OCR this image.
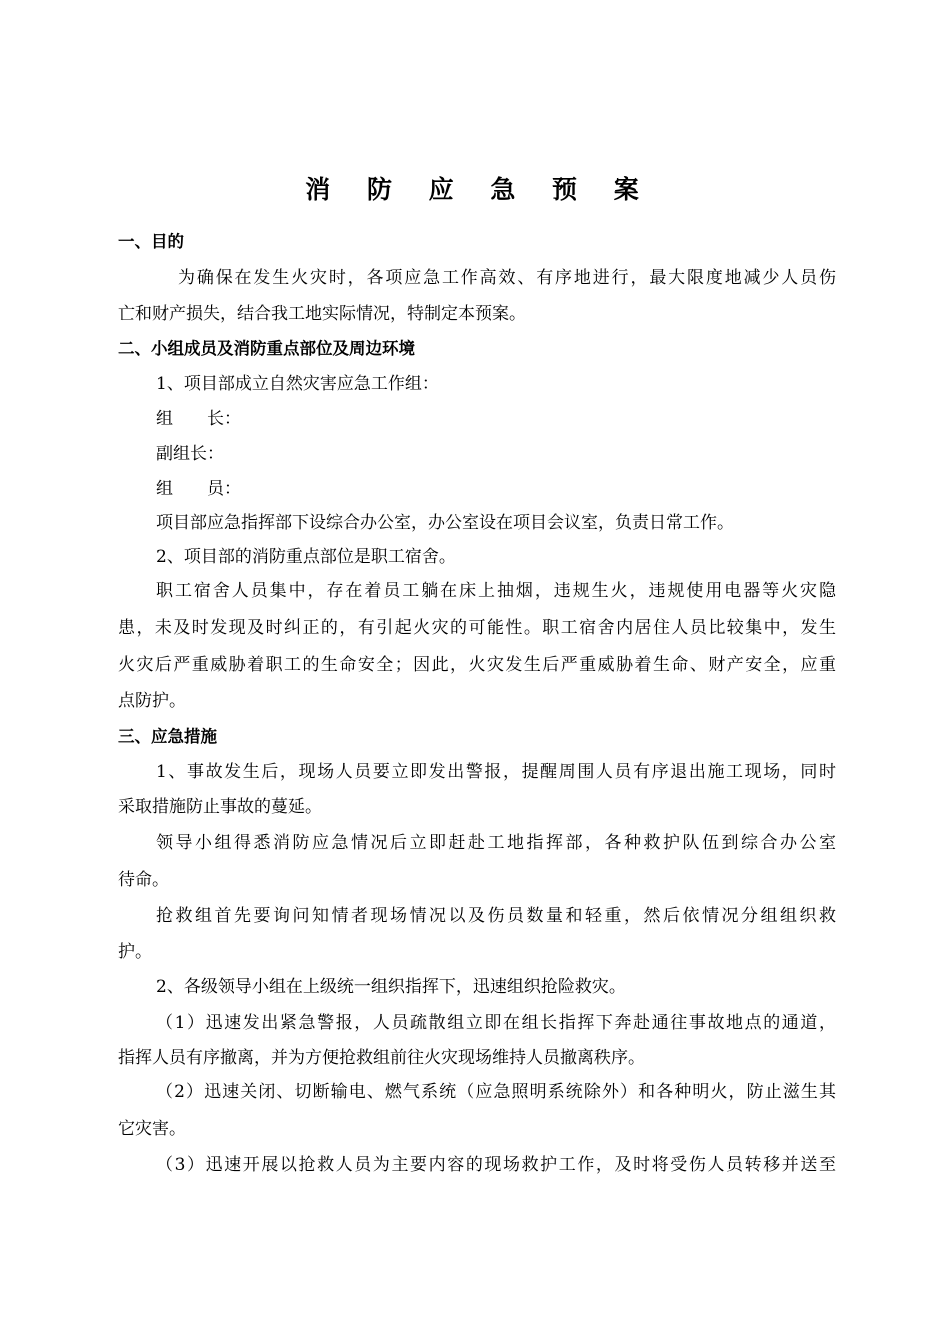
消 防 应 急 预 案
一、目的
为确保在发生火灾时，各项应急工作高效、有序地进行，最大限度地减少人员伤
亡和财产损失，结合我工地实际情况，特制定本预案。
二、小组成员及消防重点部位及周边环境
1、项目部成立自然灾害应急工作组：
组　　长：
副组长：
组　　员：
项目部应急指挥部下设综合办公室，办公室设在项目会议室，负责日常工作。
2、项目部的消防重点部位是职工宿舍。
职工宿舍人员集中，存在着员工躺在床上抽烟，违规生火，违规使用电器等火灾隐
患，未及时发现及时纠正的，有引起火灾的可能性。职工宿舍内居住人员比较集中，发生
火灾后严重威胁着职工的生命安全；因此，火灾发生后严重威胁着生命、财产安全，应重
点防护。
三、应急措施
1、事故发生后，现场人员要立即发出警报，提醒周围人员有序退出施工现场，同时
采取措施防止事故的蔓延。
领导小组得悉消防应急情况后立即赶赴工地指挥部，各种救护队伍到综合办公室
待命。
抢救组首先要询问知情者现场情况以及伤员数量和轻重，然后依情况分组组织救
护。
2、各级领导小组在上级统一组织指挥下，迅速组织抢险救灾。
（1）迅速发出紧急警报，人员疏散组立即在组长指挥下奔赴通往事故地点的通道，
指挥人员有序撤离，并为方便抢救组前往火灾现场维持人员撤离秩序。
（2）迅速关闭、切断输电、燃气系统（应急照明系统除外）和各种明火，防止滋生其
它灾害。
（3）迅速开展以抢救人员为主要内容的现场救护工作，及时将受伤人员转移并送至
